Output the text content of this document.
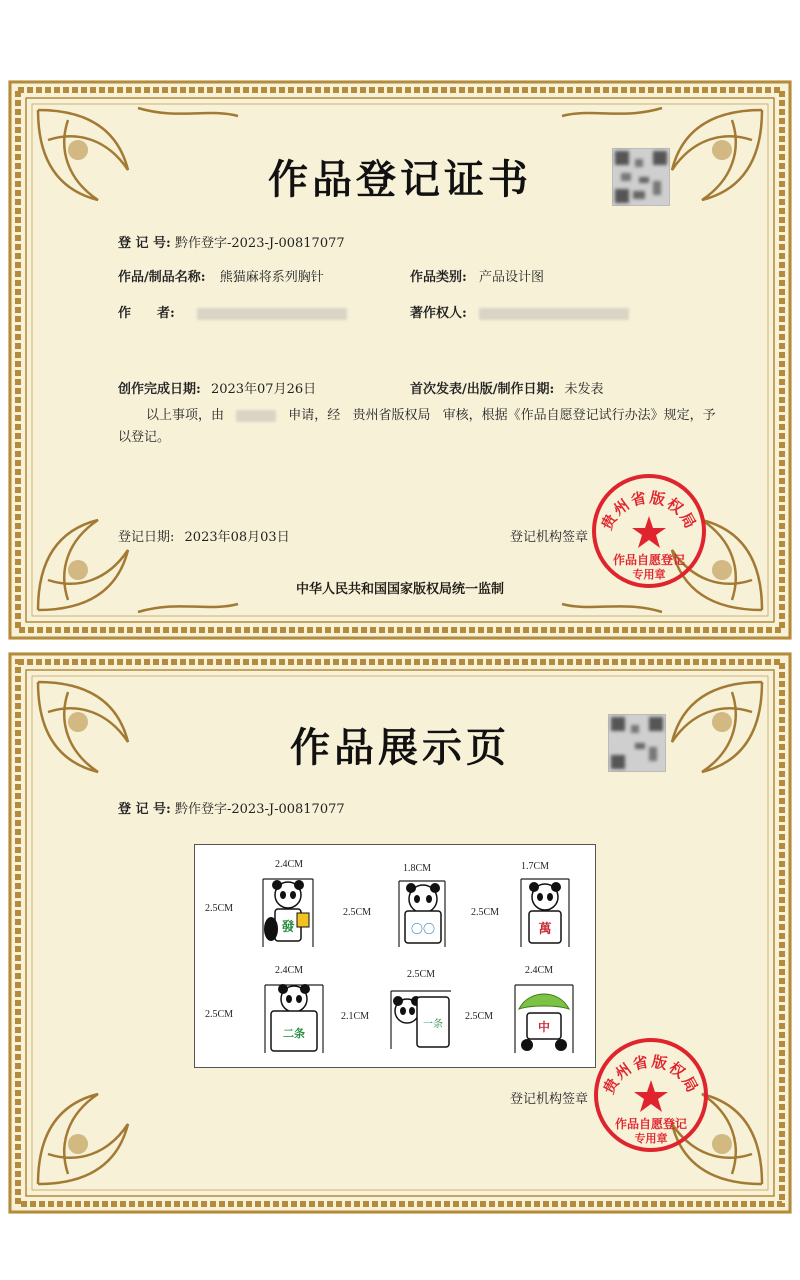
作品登记证书
登 记 号: 黔作登字-2023-J-00817077
作品/制品名称: 熊猫麻将系列胸针	作品类别: 产品设计图
作　　者:	著作权人:
创作完成日期: 2023年07月26日	首次发表/出版/制作日期: 未发表
以上事项，由	申请，经 贵州省版权局 审核，根据《作品自愿登记试行办法》规定，予
以登记。
登记日期: 2023年08月03日	登记机构签章
贵州省版权局
作品自愿登记
专用章
中华人民共和国国家版权局统一监制
作品展示页
登 记 号: 黔作登字-2023-J-00817077
2.4CM
2.5CM
發
1.8CM
2.5CM
〇〇
1.7CM
2.5CM
萬
2.4CM
2.5CM
二条
2.5CM
2.1CM
一条
2.4CM
2.5CM
中
登记机构签章
贵州省版权局
作品自愿登记
专用章
